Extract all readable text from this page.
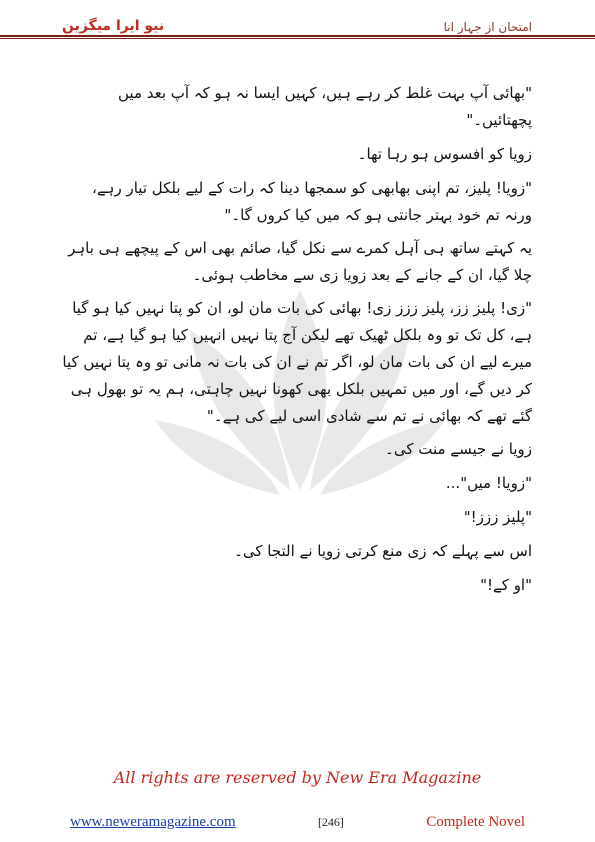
امتحان از جہار انا
نیو ایرا میگزین

"بھائی آپ بہت غلط کر رہے ہیں، کہیں ایسا نہ ہو کہ آپ بعد میں پچھتائیں۔"

زویا کو افسوس ہو رہا تھا۔

"زویا! پلیز، تم اپنی بھابھی کو سمجھا دینا کہ رات کے لیے بلکل تیار رہے، ورنہ تم خود بہتر جانتی ہو کہ میں کیا کروں گا۔"

یہ کہتے ساتھ ہی آہل کمرے سے نکل گیا، صائم بھی اس کے پیچھے ہی باہر چلا گیا، ان کے جانے کے بعد زویا زی سے مخاطب ہوئی۔

"زی! پلیز زز، پلیز ززز زی! بھائی کی بات مان لو، ان کو پتا نہیں کیا ہو گیا ہے، کل تک تو وہ بلکل ٹھیک تھے لیکن آج پتا نہیں انہیں کیا ہو گیا ہے، تم میرے لیے ان کی بات مان لو، اگر تم نے ان کی بات نہ مانی تو وہ پتا نہیں کیا کر دیں گے، اور میں تمہیں بلکل بھی کھونا نہیں چاہتی، ہم یہ تو بھول ہی گئے تھے کہ بھائی نے تم سے شادی اسی لیے کی ہے۔"

زویا نے جیسے منت کی۔

"زویا! میں"...

"پلیز ززز!"

اس سے پہلے کہ زی منع کرتی زویا نے التجا کی۔

"او کے!"

All rights are reserved by New Era Magazine
www.neweramagazine.com	[246]	Complete Novel
